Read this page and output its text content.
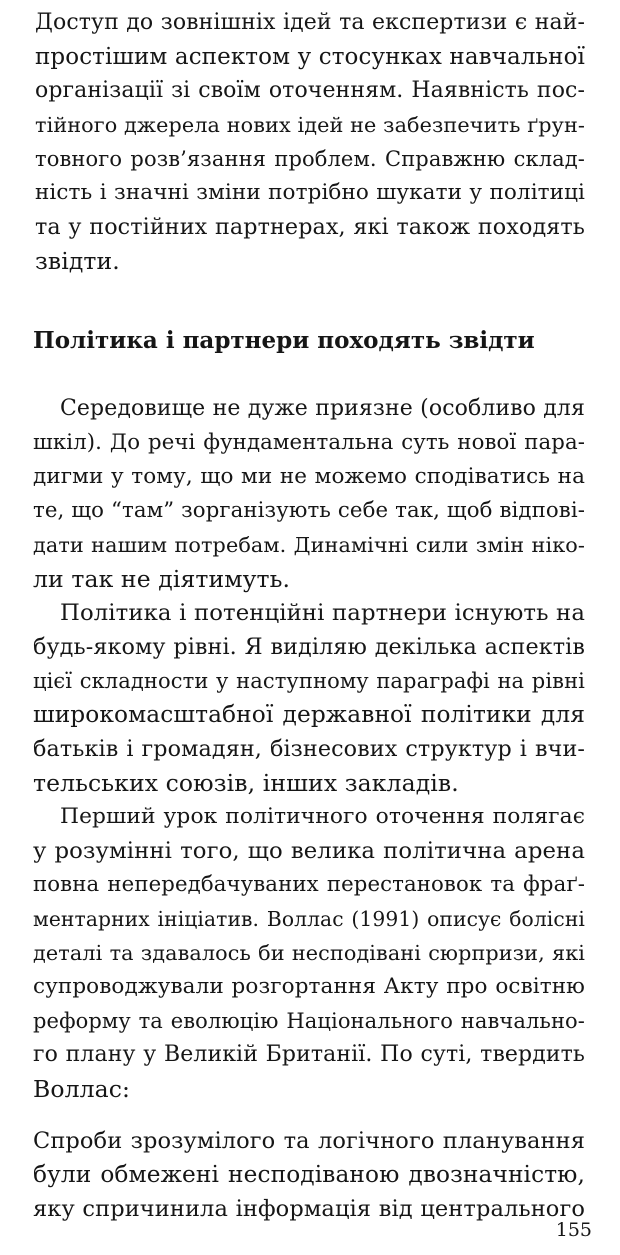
Доступ до зовнішніх ідей та експертизи є най-
простішим аспектом у стосунках навчальної
організації зі своїм оточенням. Наявність пос-
тійного джерела нових ідей не забезпечить ґрун-
товного розв’язання проблем. Справжню склад-
ність і значні зміни потрібно шукати у політиці
та у постійних партнерах, які також походять
звідти.
Політика і партнери походять звідти
Середовище не дуже приязне (особливо для
шкіл). До речі фундаментальна суть нової пара-
дигми у тому, що ми не можемо сподіватись на
те, що “там” зорганізують себе так, щоб відпові-
дати нашим потребам. Динамічні сили змін ніко-
ли так не діятимуть.
Політика і потенційні партнери існують на
будь-якому рівні. Я виділяю декілька аспектів
цієї складности у наступному параграфі на рівні
широкомасштабної державної політики для
батьків і громадян, бізнесових структур і вчи-
тельських союзів, інших закладів.
Перший урок політичного оточення полягає
у розумінні того, що велика політична арена
повна непередбачуваних перестановок та фраґ-
ментарних ініціатив. Воллас (1991) описує болісні
деталі та здавалось би несподівані сюрпризи, які
супроводжували розгортання Акту про освітню
реформу та еволюцію Національного навчально-
го плану у Великій Британії. По суті, твердить
Воллас:
Спроби зрозумілого та логічного планування
були обмежені несподіваною двозначністю,
яку спричинила інформація від центрального
155
